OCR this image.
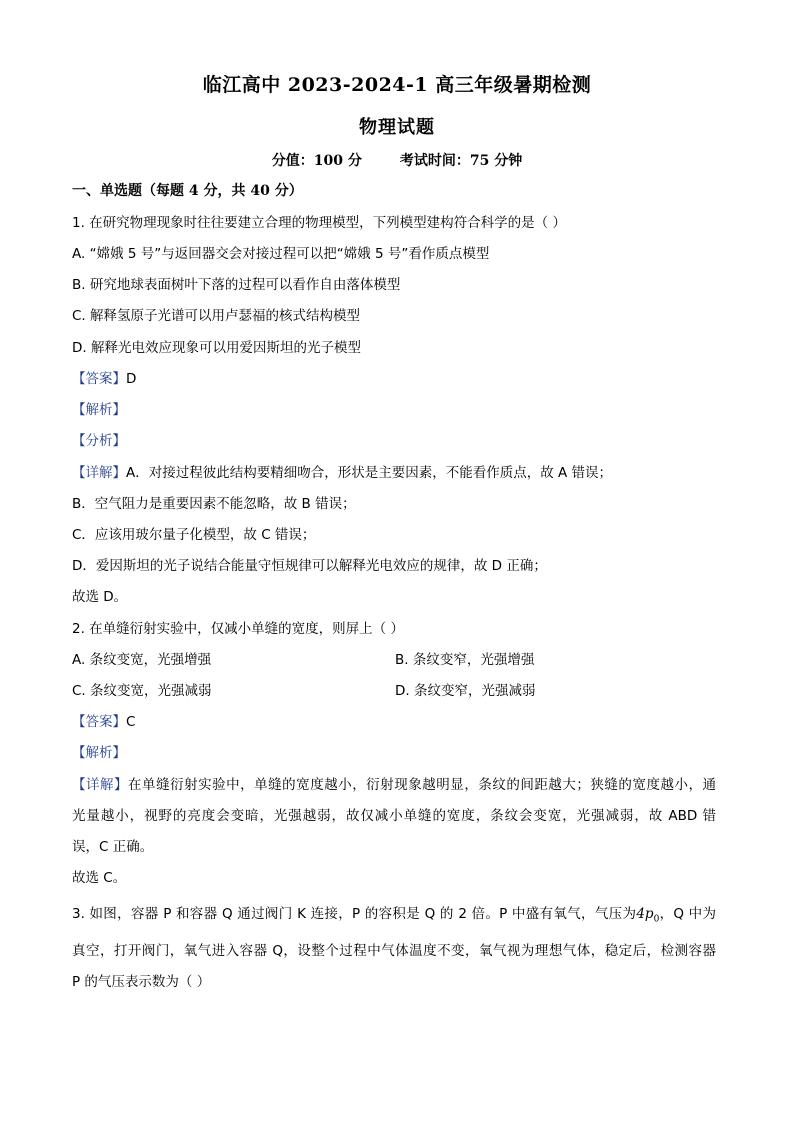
临江高中 2023-2024-1 高三年级暑期检测
物理试题
分值：100 分	考试时间：75 分钟
一、单选题（每题 4 分，共 40 分）
1. 在研究物理现象时往往要建立合理的物理模型，下列模型建构符合科学的是（ ）
A. “嫦娥 5 号”与返回器交会对接过程可以把“嫦娥 5 号”看作质点模型
B. 研究地球表面树叶下落的过程可以看作自由落体模型
C. 解释氢原子光谱可以用卢瑟福的核式结构模型
D. 解释光电效应现象可以用爱因斯坦的光子模型
【答案】D
【解析】
【分析】
【详解】A．对接过程彼此结构要精细吻合，形状是主要因素，不能看作质点，故 A 错误；
B．空气阻力是重要因素不能忽略，故 B 错误；
C．应该用玻尔量子化模型，故 C 错误；
D．爱因斯坦的光子说结合能量守恒规律可以解释光电效应的规律，故 D 正确；
故选 D。
2. 在单缝衍射实验中，仅减小单缝的宽度，则屏上（ ）
A. 条纹变宽，光强增强	B. 条纹变窄，光强增强
C. 条纹变宽，光强减弱	D. 条纹变窄，光强减弱
【答案】C
【解析】
【详解】在单缝衍射实验中，单缝的宽度越小，衍射现象越明显，条纹的间距越大；狭缝的宽度越小，通
光量越小，视野的亮度会变暗，光强越弱，故仅减小单缝的宽度，条纹会变宽，光强减弱，故 ABD 错
误，C 正确。
故选 C。
3. 如图，容器 P 和容器 Q 通过阀门 K 连接，P 的容积是 Q 的 2 倍。P 中盛有氧气，气压为$4p_0$，Q 中为
真空，打开阀门，氧气进入容器 Q，设整个过程中气体温度不变，氧气视为理想气体，稳定后，检测容器
P 的气压表示数为（ ）
